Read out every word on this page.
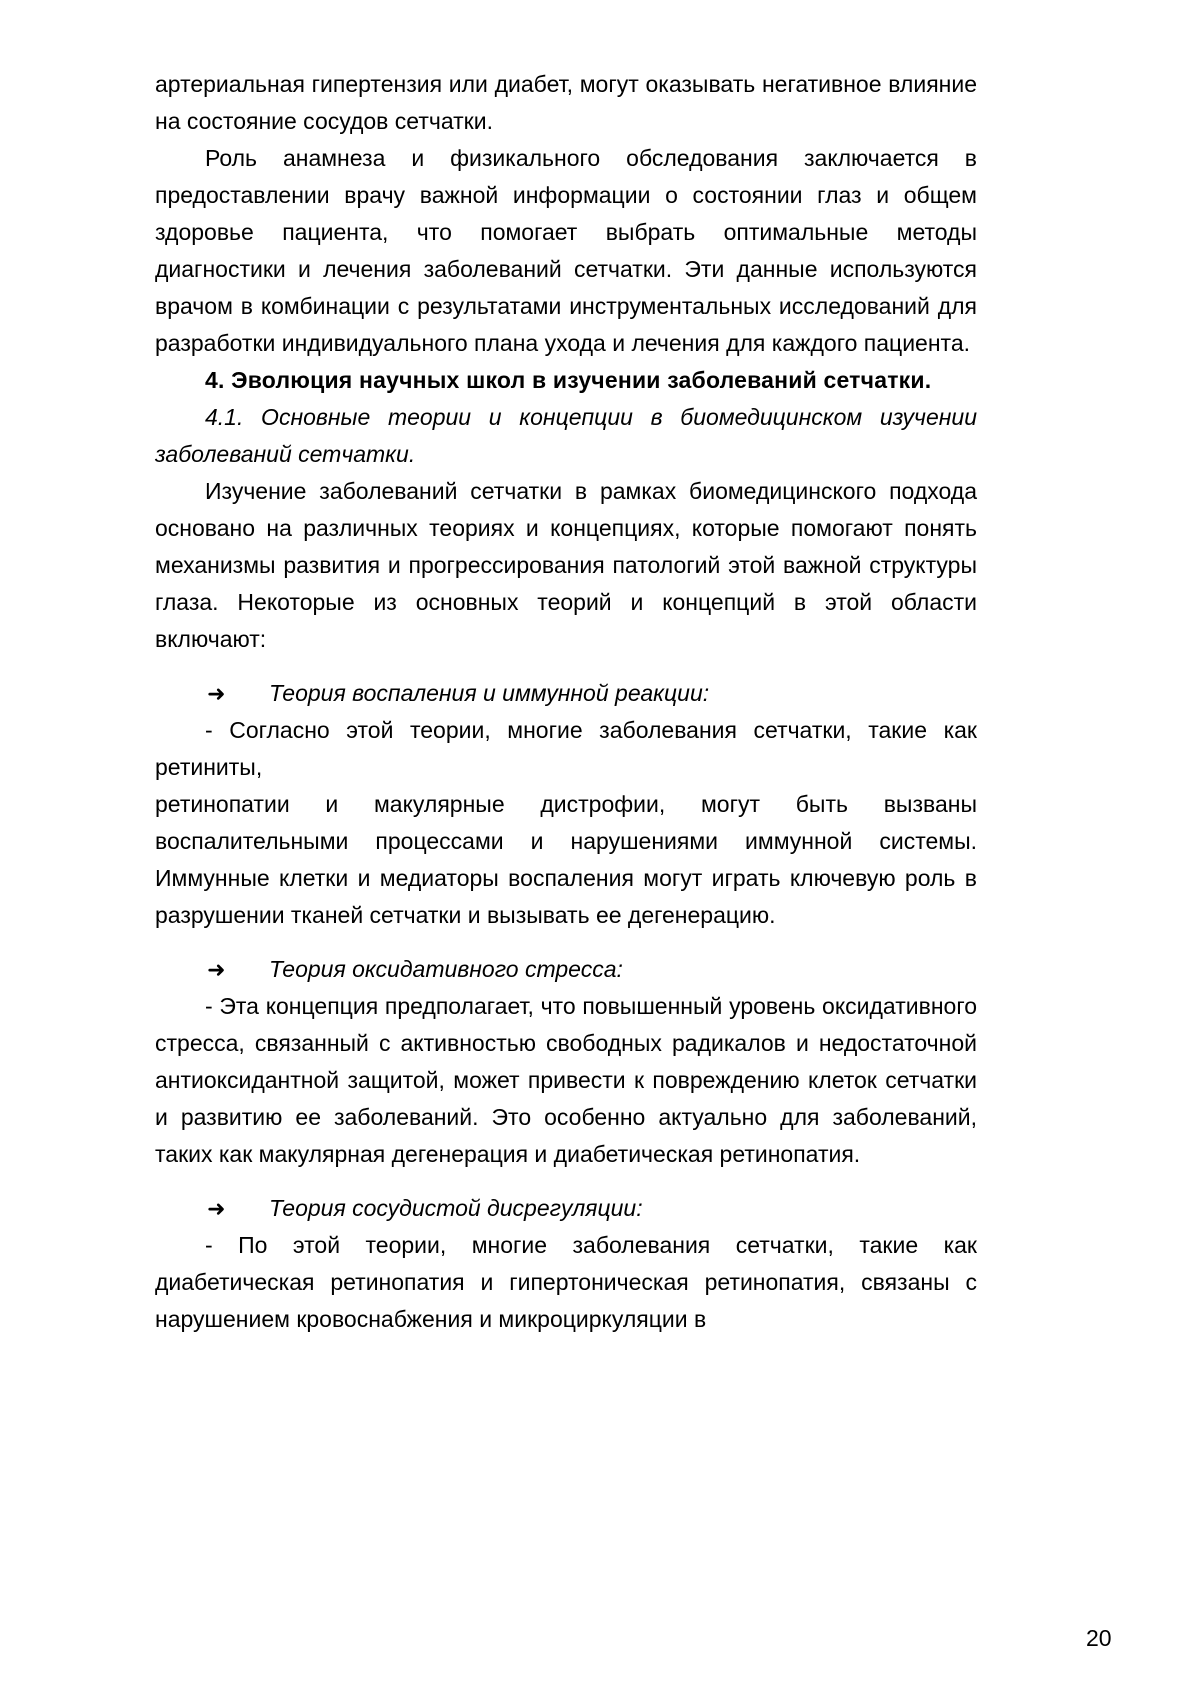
артериальная гипертензия или диабет, могут оказывать негативное влияние на состояние сосудов сетчатки.

Роль анамнеза и физикального обследования заключается в предоставлении врачу важной информации о состоянии глаз и общем здоровье пациента, что помогает выбрать оптимальные методы диагностики и лечения заболеваний сетчатки. Эти данные используются врачом в комбинации с результатами инструментальных исследований для разработки индивидуального плана ухода и лечения для каждого пациента.

4. Эволюция научных школ в изучении заболеваний сетчатки.

4.1. Основные теории и концепции в биомедицинском изучении заболеваний сетчатки.

Изучение заболеваний сетчатки в рамках биомедицинского подхода основано на различных теориях и концепциях, которые помогают понять механизмы развития и прогрессирования патологий этой важной структуры глаза. Некоторые из основных теорий и концепций в этой области включают:

➜	Теория воспаления и иммунной реакции:

- Согласно этой теории, многие заболевания сетчатки, такие как ретиниты,

ретинопатии и макулярные дистрофии, могут быть вызваны воспалительными процессами и нарушениями иммунной системы. Иммунные клетки и медиаторы воспаления могут играть ключевую роль в разрушении тканей сетчатки и вызывать ее дегенерацию.

➜	Теория оксидативного стресса:

- Эта концепция предполагает, что повышенный уровень оксидативного стресса, связанный с активностью свободных радикалов и недостаточной антиоксидантной защитой, может привести к повреждению клеток сетчатки и развитию ее заболеваний. Это особенно актуально для заболеваний, таких как макулярная дегенерация и диабетическая ретинопатия.

➜	Теория сосудистой дисрегуляции:

- По этой теории, многие заболевания сетчатки, такие как диабетическая ретинопатия и гипертоническая ретинопатия, связаны с нарушением кровоснабжения и микроциркуляции в

20
